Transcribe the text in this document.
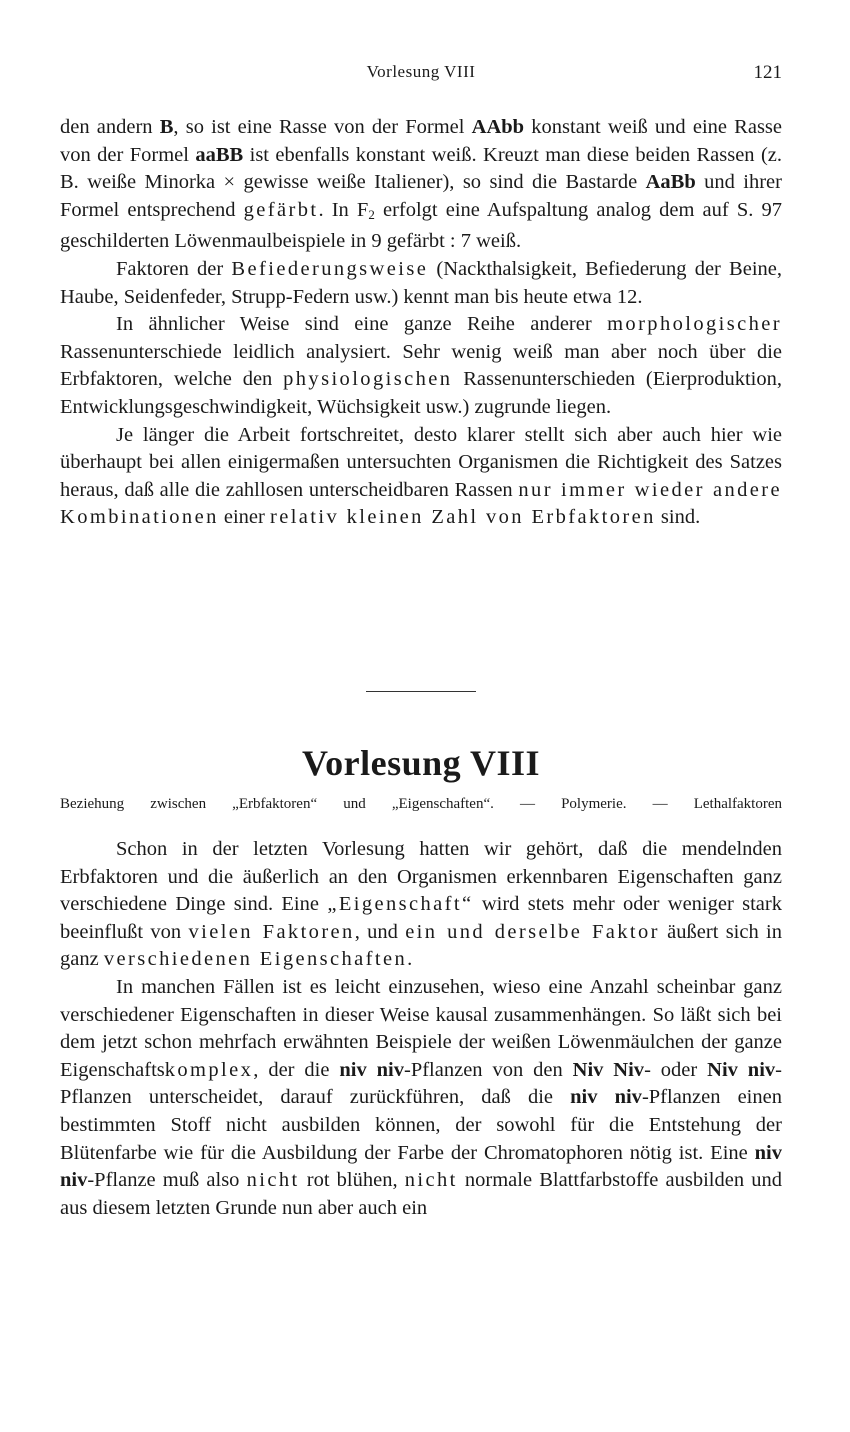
Vorlesung VIII	121

den andern B, so ist eine Rasse von der Formel AAbb konstant weiß und eine Rasse von der Formel aaBB ist ebenfalls konstant weiß. Kreuzt man diese beiden Rassen (z. B. weiße Minorka × gewisse weiße Italiener), so sind die Bastarde AaBb und ihrer Formel entsprechend gefärbt. In $F_2$ erfolgt eine Aufspaltung analog dem auf S. 97 geschilderten Löwenmaulbeispiele in 9 gefärbt : 7 weiß.

Faktoren der Befiederungsweise (Nackthalsigkeit, Befiederung der Beine, Haube, Seidenfeder, Strupp-Federn usw.) kennt man bis heute etwa 12.

In ähnlicher Weise sind eine ganze Reihe anderer morphologischer Rassenunterschiede leidlich analysiert. Sehr wenig weiß man aber noch über die Erbfaktoren, welche den physiologischen Rassenunterschieden (Eierproduktion, Entwicklungsgeschwindigkeit, Wüchsigkeit usw.) zugrunde liegen.

Je länger die Arbeit fortschreitet, desto klarer stellt sich aber auch hier wie überhaupt bei allen einigermaßen untersuchten Organismen die Richtigkeit des Satzes heraus, daß alle die zahllosen unterscheidbaren Rassen nur immer wieder andere Kombinationen einer relativ kleinen Zahl von Erbfaktoren sind.

Vorlesung VIII
Beziehung zwischen „Erbfaktoren“ und „Eigenschaften“. — Polymerie. — Lethalfaktoren

Schon in der letzten Vorlesung hatten wir gehört, daß die mendelnden Erbfaktoren und die äußerlich an den Organismen erkennbaren Eigenschaften ganz verschiedene Dinge sind. Eine „Eigenschaft“ wird stets mehr oder weniger stark beeinflußt von vielen Faktoren, und ein und derselbe Faktor äußert sich in ganz verschiedenen Eigenschaften.

In manchen Fällen ist es leicht einzusehen, wieso eine Anzahl scheinbar ganz verschiedener Eigenschaften in dieser Weise kausal zusammenhängen. So läßt sich bei dem jetzt schon mehrfach erwähnten Beispiele der weißen Löwenmäulchen der ganze Eigenschaftskomplex, der die niv niv-Pflanzen von den Niv Niv- oder Niv niv-Pflanzen unterscheidet, darauf zurückführen, daß die niv niv-Pflanzen einen bestimmten Stoff nicht ausbilden können, der sowohl für die Entstehung der Blütenfarbe wie für die Ausbildung der Farbe der Chromatophoren nötig ist. Eine niv niv-Pflanze muß also nicht rot blühen, nicht normale Blattfarbstoffe ausbilden und aus diesem letzten Grunde nun aber auch ein
